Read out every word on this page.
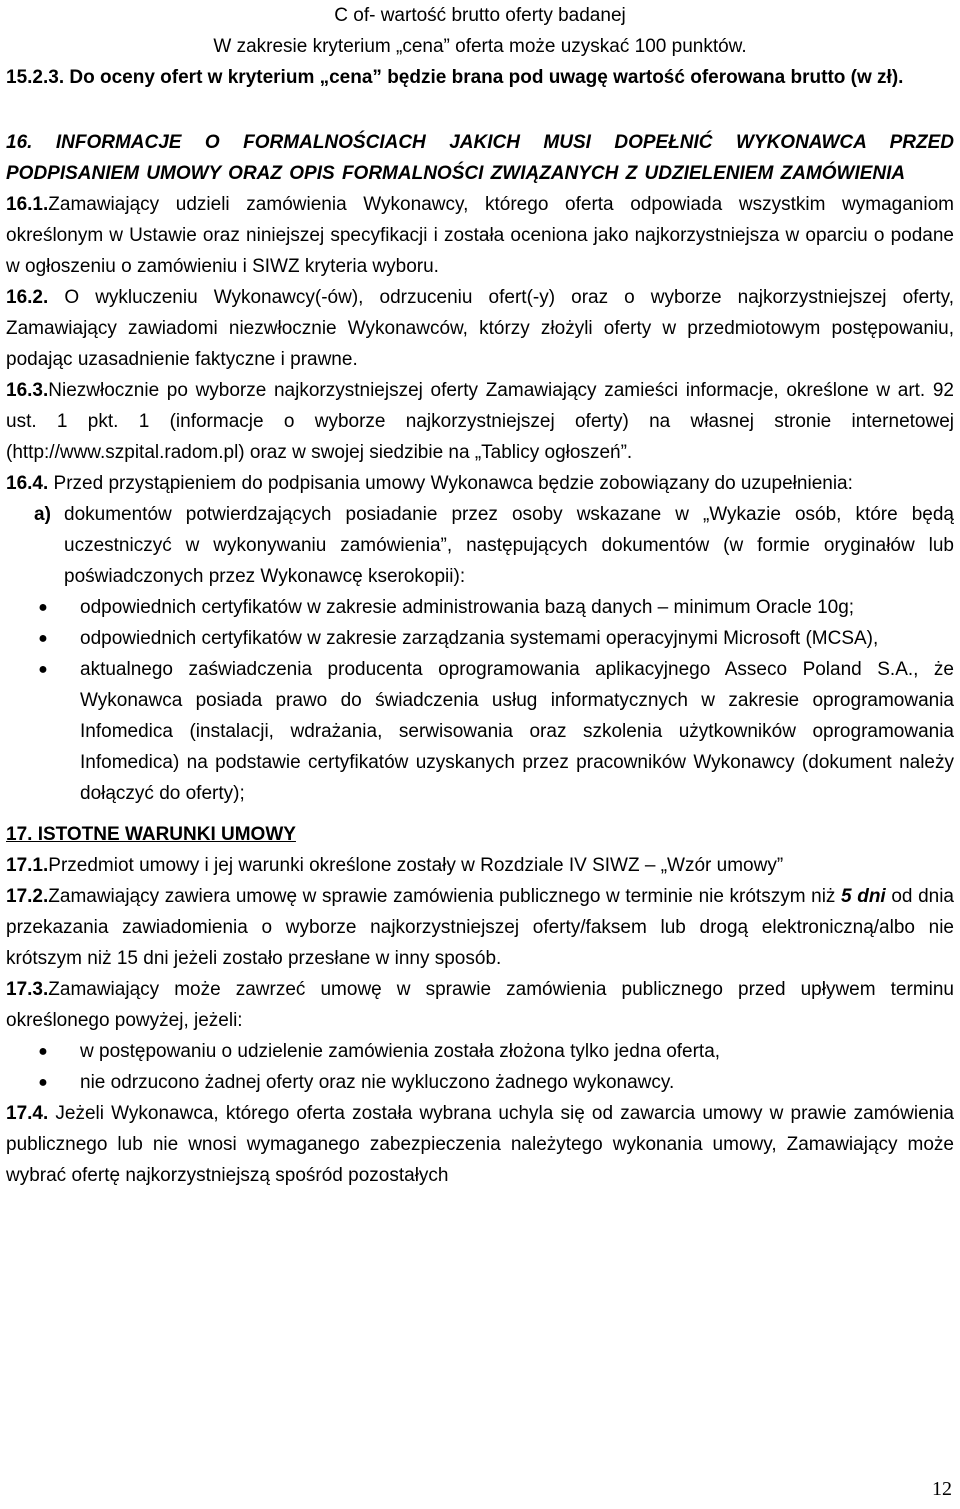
C of- wartość brutto oferty badanej

W zakresie kryterium „cena” oferta może uzyskać 100 punktów.

15.2.3. Do oceny ofert w kryterium „cena” będzie brana pod uwagę wartość oferowana brutto (w zł).

16. INFORMACJE O FORMALNOŚCIACH JAKICH MUSI DOPEŁNIĆ WYKONAWCA PRZED PODPISANIEM UMOWY ORAZ OPIS FORMALNOŚCI ZWIĄZANYCH Z UDZIELENIEM ZAMÓWIENIA

16.1.Zamawiający udzieli zamówienia Wykonawcy, którego oferta odpowiada wszystkim wymaganiom określonym w Ustawie oraz niniejszej specyfikacji i została oceniona jako najkorzystniejsza w oparciu o podane w ogłoszeniu o zamówieniu i SIWZ kryteria wyboru.

16.2. O wykluczeniu Wykonawcy(-ów), odrzuceniu ofert(-y) oraz o wyborze najkorzystniejszej oferty, Zamawiający zawiadomi niezwłocznie Wykonawców, którzy złożyli oferty w przedmiotowym postępowaniu, podając uzasadnienie faktyczne i prawne.

16.3.Niezwłocznie po wyborze najkorzystniejszej oferty Zamawiający zamieści informacje, określone w art. 92 ust. 1 pkt. 1 (informacje o wyborze najkorzystniejszej oferty) na własnej stronie internetowej (http://www.szpital.radom.pl) oraz w swojej siedzibie na „Tablicy ogłoszeń”.

16.4. Przed przystąpieniem do podpisania umowy Wykonawca będzie zobowiązany do uzupełnienia:

a) dokumentów potwierdzających posiadanie przez osoby wskazane w „Wykazie osób, które będą uczestniczyć w wykonywaniu zamówienia”, następujących dokumentów (w formie oryginałów lub poświadczonych przez Wykonawcę kserokopii):
●	odpowiednich certyfikatów w zakresie administrowania bazą danych – minimum Oracle 10g;
●	odpowiednich certyfikatów w zakresie zarządzania systemami operacyjnymi Microsoft (MCSA),
●	aktualnego zaświadczenia producenta oprogramowania aplikacyjnego Asseco Poland S.A., że Wykonawca posiada prawo do świadczenia usług informatycznych w zakresie oprogramowania Infomedica (instalacji, wdrażania, serwisowania oraz szkolenia użytkowników oprogramowania Infomedica) na podstawie certyfikatów uzyskanych przez pracowników Wykonawcy (dokument należy dołączyć do oferty);

17. ISTOTNE WARUNKI UMOWY

17.1.Przedmiot umowy i jej warunki określone zostały w Rozdziale IV SIWZ – „Wzór umowy”

17.2.Zamawiający zawiera umowę w sprawie zamówienia publicznego w terminie nie krótszym niż 5 dni od dnia przekazania zawiadomienia o wyborze najkorzystniejszej oferty/faksem lub drogą elektroniczną/albo nie krótszym niż 15 dni jeżeli zostało przesłane w inny sposób.

17.3.Zamawiający może zawrzeć umowę w sprawie zamówienia publicznego przed upływem terminu określonego powyżej, jeżeli:

●	w postępowaniu o udzielenie zamówienia została złożona tylko jedna oferta,
●	nie odrzucono żadnej oferty oraz nie wykluczono żadnego wykonawcy.

17.4. Jeżeli Wykonawca, którego oferta została wybrana uchyla się od zawarcia umowy w prawie zamówienia publicznego lub nie wnosi wymaganego zabezpieczenia należytego wykonania umowy, Zamawiający może wybrać ofertę najkorzystniejszą spośród pozostałych

12
